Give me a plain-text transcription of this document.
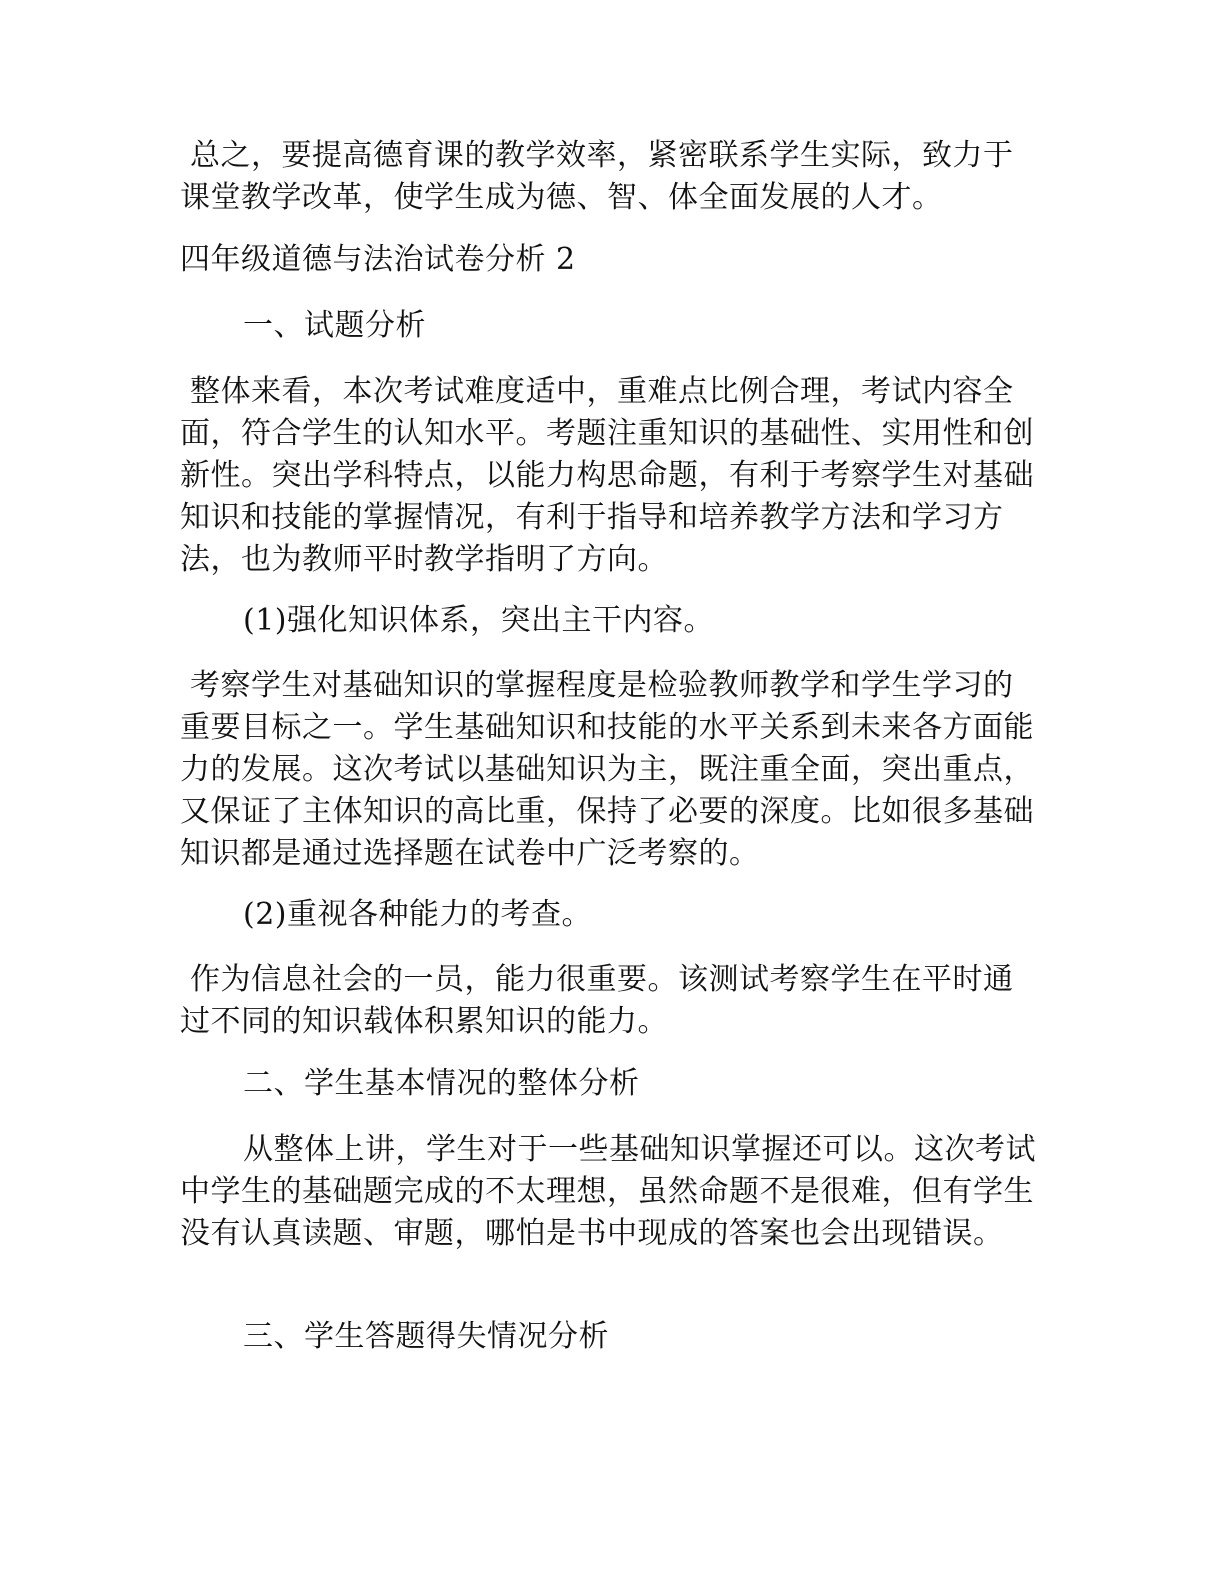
总之，要提高德育课的教学效率，紧密联系学生实际，致力于课堂教学改革，使学生成为德、智、体全面发展的人才。

四年级道德与法治试卷分析 2

一、试题分析

整体来看，本次考试难度适中，重难点比例合理，考试内容全面，符合学生的认知水平。考题注重知识的基础性、实用性和创新性。突出学科特点，以能力构思命题，有利于考察学生对基础知识和技能的掌握情况，有利于指导和培养教学方法和学习方法，也为教师平时教学指明了方向。

(1)强化知识体系，突出主干内容。

考察学生对基础知识的掌握程度是检验教师教学和学生学习的重要目标之一。学生基础知识和技能的水平关系到未来各方面能力的发展。这次考试以基础知识为主，既注重全面，突出重点，又保证了主体知识的高比重，保持了必要的深度。比如很多基础知识都是通过选择题在试卷中广泛考察的。

(2)重视各种能力的考查。

作为信息社会的一员，能力很重要。该测试考察学生在平时通过不同的知识载体积累知识的能力。

二、学生基本情况的整体分析

从整体上讲，学生对于一些基础知识掌握还可以。这次考试中学生的基础题完成的不太理想，虽然命题不是很难，但有学生没有认真读题、审题，哪怕是书中现成的答案也会出现错误。

三、学生答题得失情况分析
